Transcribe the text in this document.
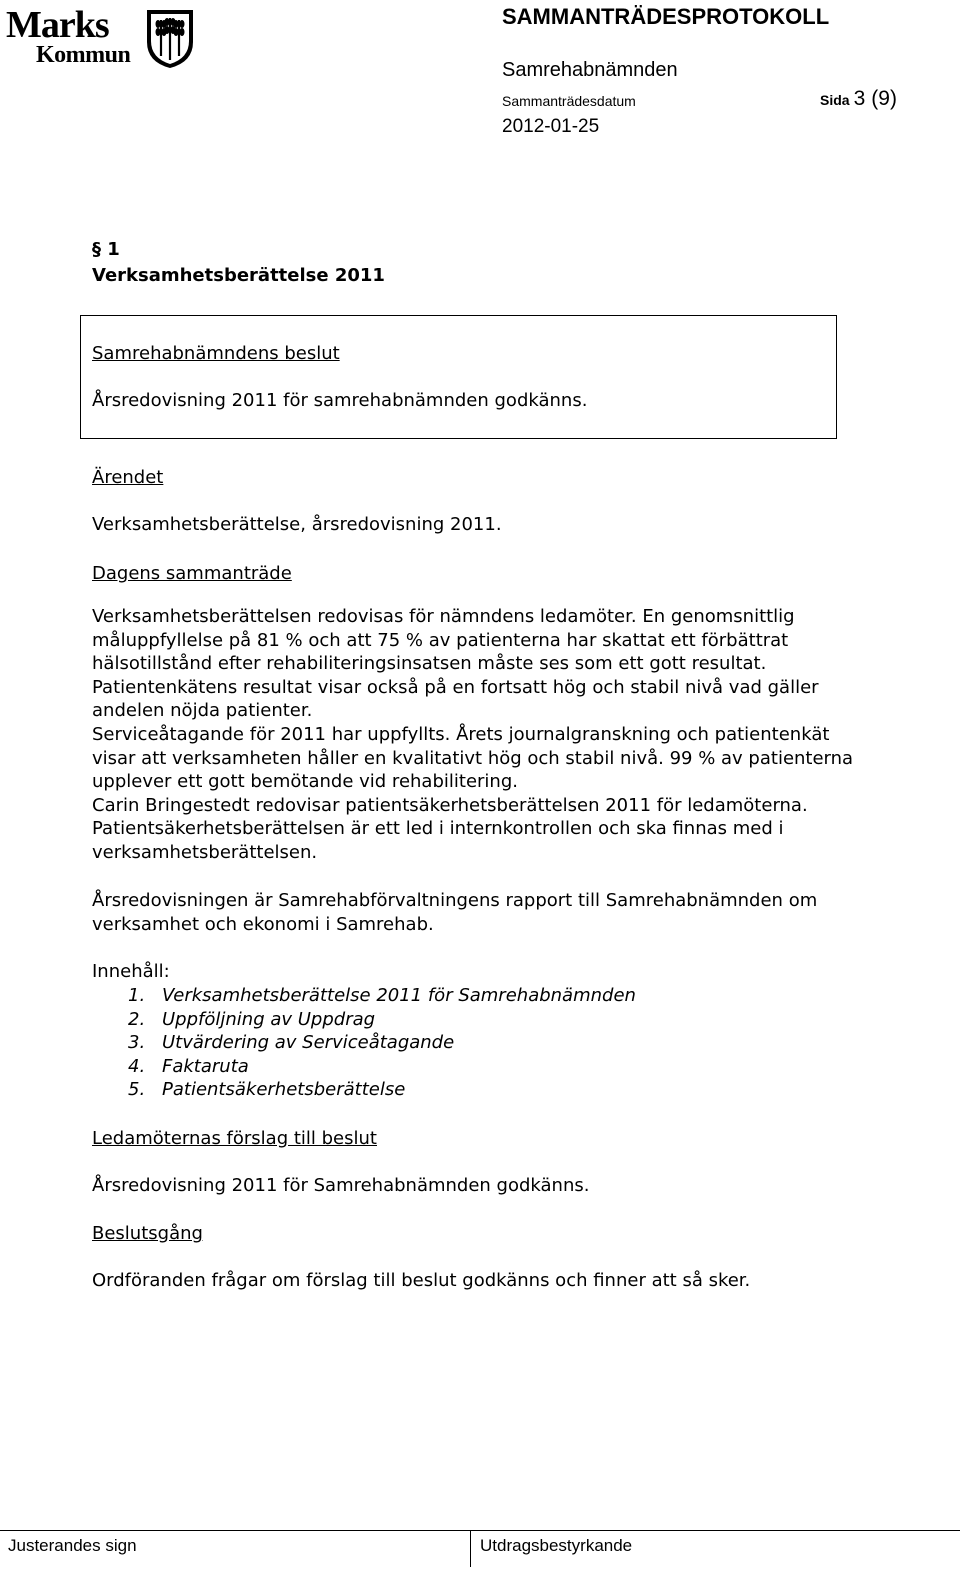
Marks
Kommun
SAMMANTRÄDESPROTOKOLL
Samrehabnämnden
Sammanträdesdatum
2012-01-25
Sida 3 (9)
§ 1
Verksamhetsberättelse 2011
Samrehabnämndens beslut
Årsredovisning 2011 för samrehabnämnden godkänns.
Ärendet
Verksamhetsberättelse, årsredovisning 2011.
Dagens sammanträde
Verksamhetsberättelsen redovisas för nämndens ledamöter. En genomsnittlig
måluppfyllelse på 81 % och att 75 % av patienterna har skattat ett förbättrat
hälsotillstånd efter rehabiliteringsinsatsen måste ses som ett gott resultat.
Patientenkätens resultat visar också på en fortsatt hög och stabil nivå vad gäller
andelen nöjda patienter.
Serviceåtagande för 2011 har uppfyllts. Årets journalgranskning och patientenkät
visar att verksamheten håller en kvalitativt hög och stabil nivå. 99 % av patienterna
upplever ett gott bemötande vid rehabilitering.
Carin Bringestedt redovisar patientsäkerhetsberättelsen 2011 för ledamöterna.
Patientsäkerhetsberättelsen är ett led i internkontrollen och ska finnas med i
verksamhetsberättelsen.
Årsredovisningen är Samrehabförvaltningens rapport till Samrehabnämnden om
verksamhet och ekonomi i Samrehab.
Innehåll:
1. Verksamhetsberättelse 2011 för Samrehabnämnden
2. Uppföljning av Uppdrag
3. Utvärdering av Serviceåtagande
4. Faktaruta
5. Patientsäkerhetsberättelse
Ledamöternas förslag till beslut
Årsredovisning 2011 för Samrehabnämnden godkänns.
Beslutsgång
Ordföranden frågar om förslag till beslut godkänns och finner att så sker.
Justerandes sign	Utdragsbestyrkande
